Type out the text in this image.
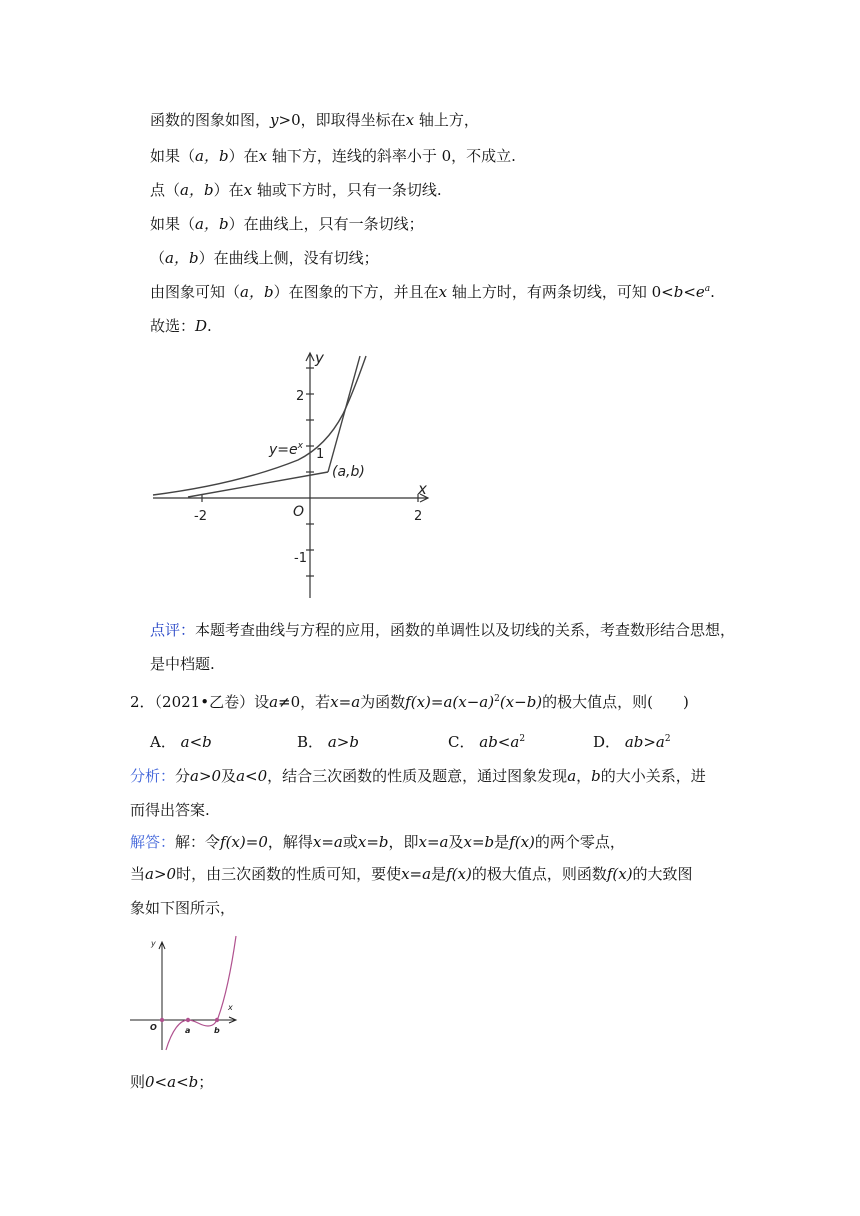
函数的图象如图，y>0，即取得坐标在x 轴上方，
如果（a，b）在x 轴下方，连线的斜率小于 0，不成立.
点（a，b）在x 轴或下方时，只有一条切线.
如果（a，b）在曲线上，只有一条切线；
（a，b）在曲线上侧，没有切线；
由图象可知（a，b）在图象的下方，并且在x 轴上方时，有两条切线，可知 $0<b<e^a$.
故选：D.
y
x
O
-2	2
2
1
-1
$y=e^x$
(a,b)
点评：本题考查曲线与方程的应用，函数的单调性以及切线的关系，考查数形结合思想，
是中档题.
2．（2021•乙卷）设a≠0，若x=a为函数$f(x)=a(x-a)^2(x-b)$的极大值点，则(　　)
A． a<b	B． a>b	C． $ab<a^2$	D． $ab>a^2$
分析：分a>0及a<0，结合三次函数的性质及题意，通过图象发现a，b的大小关系，进
而得出答案.
解答：解：令f(x)=0，解得x=a或x=b，即x=a及x=b是f(x)的两个零点，
当a>0时，由三次函数的性质可知，要使x=a是f(x)的极大值点，则函数f(x)的大致图
象如下图所示，
y
x
O	a	b
则0<a<b；
